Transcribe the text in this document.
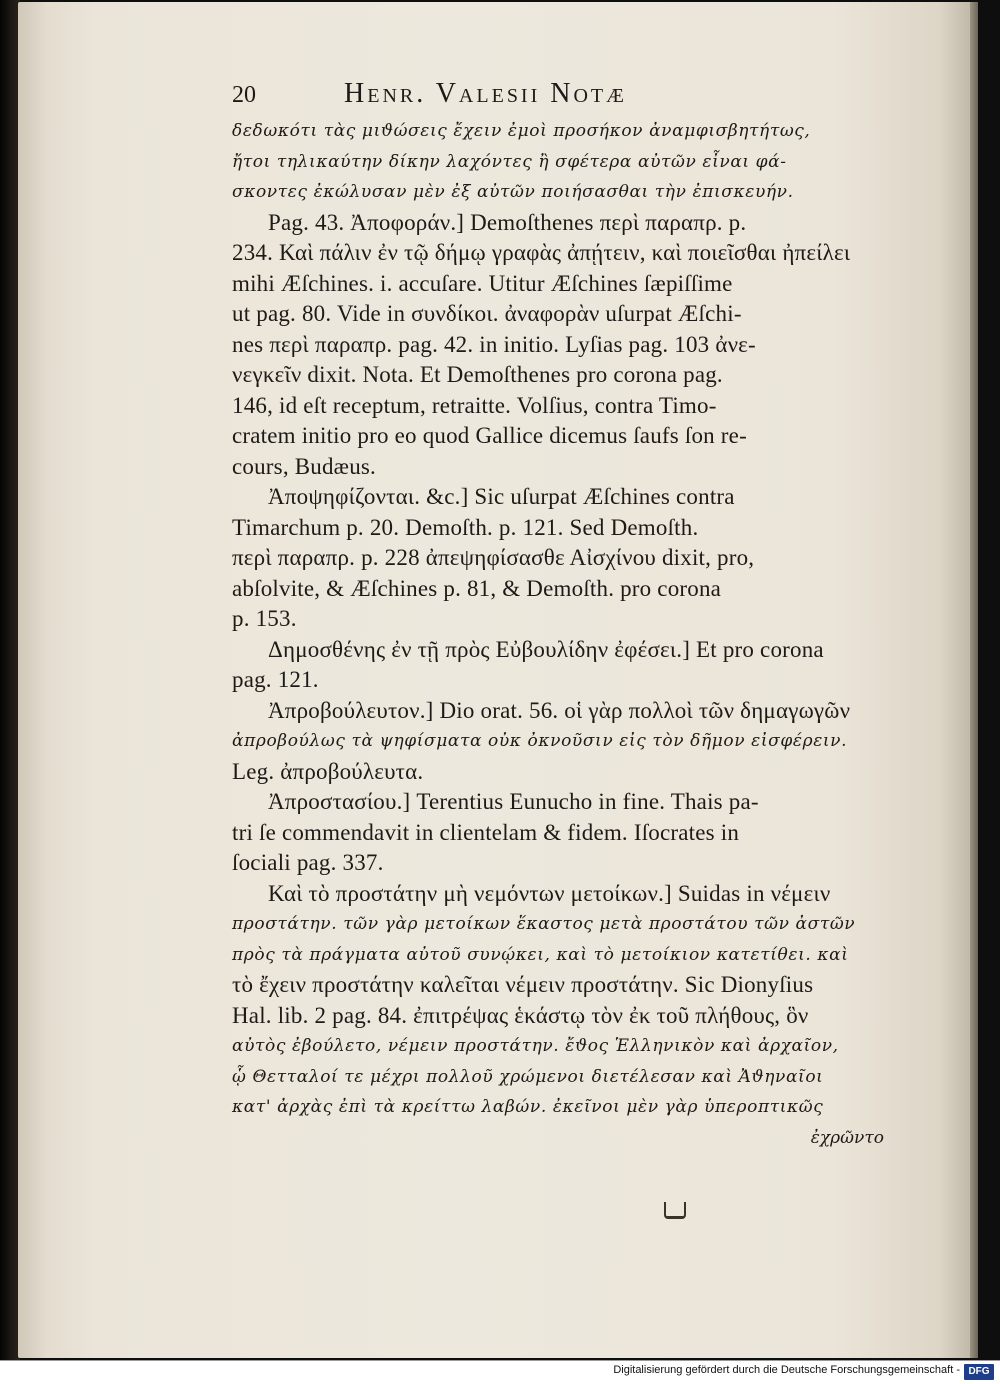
20	Henr. Valesii Notæ
δεδωκότι τὰς μιϑώσεις ἔχειν ἐμοὶ προσήκον ἀναμφισβητήτως,
ἤτοι τηλικαύτην δίκην λαχόντες ἢ σφέτερα αὐτῶν εἶναι φά-
σκοντες ἐκώλυσαν μὲν ἐξ αὐτῶν ποιήσασθαι τὴν ἐπισκευήν.
Pag. 43. Ἀποφοράν.] Demoſthenes περὶ παραπρ. p.
234. Καὶ πάλιν ἐν τῷ δήμῳ γραφὰς ἀπῄτειν, καὶ ποιεῖσθαι ἠπείλει
mihi Æſchines. i. accuſare. Utitur Æſchines ſæpiſſime
ut pag. 80. Vide in συνδίκοι. ἀναφορὰν uſurpat Æſchi-
nes περὶ παραπρ. pag. 42. in initio. Lyſias pag. 103 ἀνε-
νεγκεῖν dixit. Nota. Et Demoſthenes pro corona pag.
146, id eſt receptum, retraitte. Volſius, contra Timo-
cratem initio pro eo quod Gallice dicemus ſaufs ſon re-
cours, Budæus.
Ἀποψηφίζονται. &c.] Sic uſurpat Æſchines contra
Timarchum p. 20. Demoſth. p. 121. Sed Demoſth.
περὶ παραπρ. p. 228 ἀπεψηφίσασθε Αἰσχίνου dixit, pro,
abſolvite, & Æſchines p. 81, & Demoſth. pro corona
p. 153.
Δημοσθένης ἐν τῇ πρὸς Εὐβουλίδην ἐφέσει.] Et pro corona
pag. 121.
Ἀπροβούλευτον.] Dio orat. 56. οἱ γὰρ πολλοὶ τῶν δημαγωγῶν
ἀπροβούλως τὰ ψηφίσματα οὐκ ὀκνοῦσιν εἰς τὸν δῆμον εἰσφέρειν.
Leg. ἀπροβούλευτα.
Ἀπροστασίου.] Terentius Eunucho in fine. Thais pa-
tri ſe commendavit in clientelam & fidem. Iſocrates in
ſociali pag. 337.
Καὶ τὸ προστάτην μὴ νεμόντων μετοίκων.] Suidas in νέμειν
προστάτην. τῶν γὰρ μετοίκων ἕκαστος μετὰ προστάτου τῶν ἀστῶν
πρὸς τὰ πράγματα αὐτοῦ συνῴκει, καὶ τὸ μετοίκιον κατετίθει. καὶ
τὸ ἔχειν προστάτην καλεῖται νέμειν προστάτην. Sic Dionyſius
Hal. lib. 2 pag. 84. ἐπιτρέψας ἑκάστῳ τὸν ἐκ τοῦ πλήθους, ὃν
αὐτὸς ἐβούλετο, νέμειν προστάτην. ἔϑος Ἑλληνικὸν καὶ ἀρχαῖον,
ᾧ Θετταλοί τε μέχρι πολλοῦ χρώμενοι διετέλεσαν καὶ Ἀϑηναῖοι
κατ' ἀρχὰς ἐπὶ τὰ κρείττω λαβών. ἐκεῖνοι μὲν γὰρ ὑπεροπτικῶς
ἐχρῶντο
Digitalisierung gefördert durch die Deutsche Forschungsgemeinschaft - DFG
